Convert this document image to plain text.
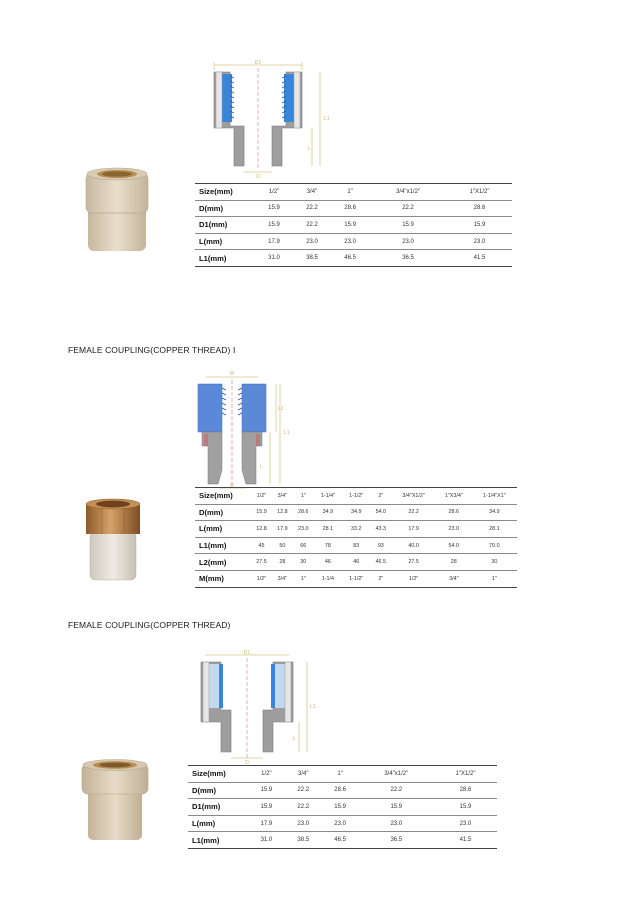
D1
L1
L
D
Size(mm)	1/2"	3/4"	1"	3/4"x1/2"	1"X1/2"
D(mm)	15.9	22.2	28.6	22.2	28.6
D1(mm)	15.9	22.2	15.9	15.9	15.9
L(mm)	17.9	23.0	23.0	23.0	23.0
L1(mm)	31.0	38.5	46.5	36.5	41.5
FEMALE COUPLING(COPPER THREAD) I
M
L1
L
L2
D
Size(mm)	1/2"	3/4"	1"	1-1/4"	1-1/2"	2"	3/4"X1/2"	1"X3/4"	1-1/4"X1"
D(mm)	15.9	12.8	28.6	34.9	34.9	54.0	22.2	28.6	34.9
L(mm)	12.8	17.9	23.0	28.1	33.2	43.3	17.9	23.0	28.1
L1(mm)	45	50	66	78	83	93	40.0	54.0	70.0
L2(mm)	27.5	28	30	46	46	46.5	27.5	28	30
M(mm)	1/2"	3/4"	1"	1-1/4	1-1/2"	2"	1/2"	3/4"	1"
FEMALE COUPLING(COPPER THREAD)
D1
L1
L
D
Size(mm)	1/2"	3/4"	1"	3/4"x1/2"	1"X1/2"
D(mm)	15.9	22.2	28.6	22.2	28.6
D1(mm)	15.9	22.2	15.9	15.9	15.9
L(mm)	17.9	23.0	23.0	23.0	23.0
L1(mm)	31.0	38.5	46.5	36.5	41.5
